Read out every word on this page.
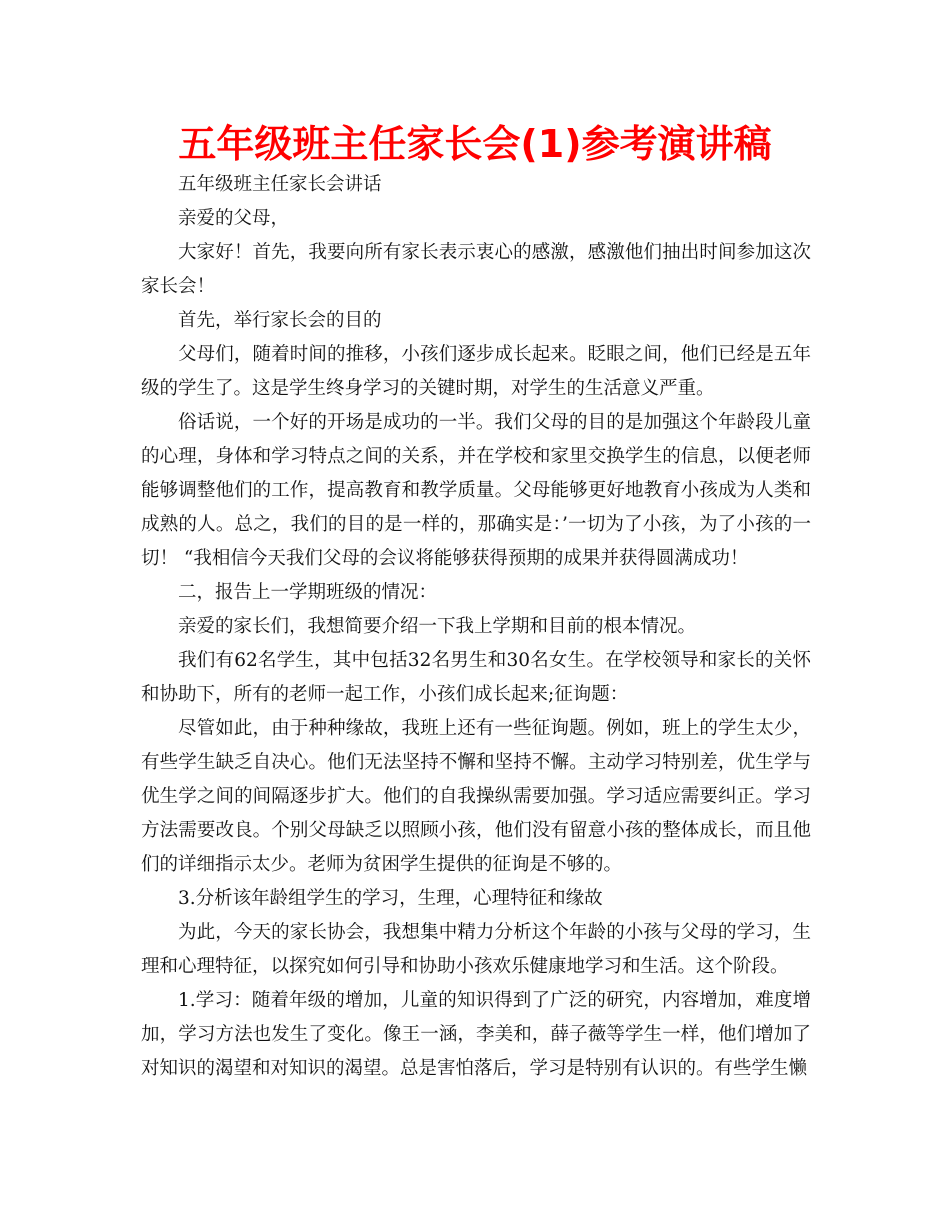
五年级班主任家长会(1)参考演讲稿

五年级班主任家长会讲话

亲爱的父母，

大家好！首先，我要向所有家长表示衷心的感激，感激他们抽出时间参加这次家长会！

首先，举行家长会的目的

父母们，随着时间的推移，小孩们逐步成长起来。眨眼之间，他们已经是五年级的学生了。这是学生终身学习的关键时期，对学生的生活意义严重。

俗话说，一个好的开场是成功的一半。我们父母的目的是加强这个年龄段儿童的心理，身体和学习特点之间的关系，并在学校和家里交换学生的信息，以便老师能够调整他们的工作，提高教育和教学质量。父母能够更好地教育小孩成为人类和成熟的人。总之，我们的目的是一样的，那确实是：’一切为了小孩，为了小孩的一切！ “我相信今天我们父母的会议将能够获得预期的成果并获得圆满成功！

二，报告上一学期班级的情况：

亲爱的家长们，我想简要介绍一下我上学期和目前的根本情况。

我们有62名学生，其中包括32名男生和30名女生。在学校领导和家长的关怀和协助下，所有的老师一起工作，小孩们成长起来;征询题：

尽管如此，由于种种缘故，我班上还有一些征询题。例如，班上的学生太少，有些学生缺乏自决心。他们无法坚持不懈和坚持不懈。主动学习特别差，优生学与优生学之间的间隔逐步扩大。他们的自我操纵需要加强。学习适应需要纠正。学习方法需要改良。个别父母缺乏以照顾小孩，他们没有留意小孩的整体成长，而且他们的详细指示太少。老师为贫困学生提供的征询是不够的。

3.分析该年龄组学生的学习，生理，心理特征和缘故

为此，今天的家长协会，我想集中精力分析这个年龄的小孩与父母的学习，生理和心理特征，以探究如何引导和协助小孩欢乐健康地学习和生活。这个阶段。

1.学习：随着年级的增加，儿童的知识得到了广泛的研究，内容增加，难度增加，学习方法也发生了变化。像王一涵，李美和，薛子薇等学生一样，他们增加了对知识的渴望和对知识的渴望。总是害怕落后，学习是特别有认识的。有些学生懒
